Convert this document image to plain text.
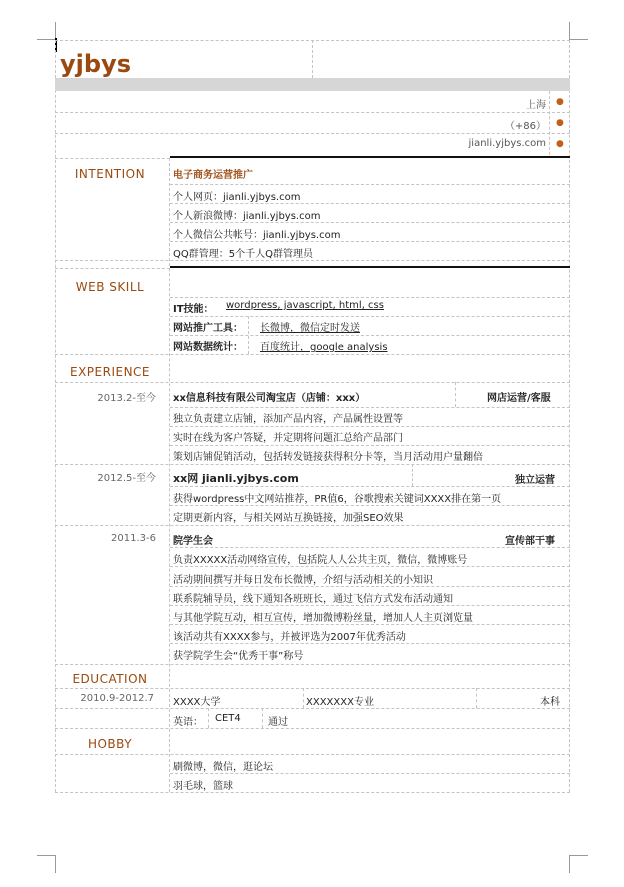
yjbys
上海 ●
（+86） ●
jianli.yjbys.com ●
INTENTION	电子商务运营推广
个人网页：jianli.yjbys.com
个人新浪微博：jianli.yjbys.com
个人微信公共帐号：jianli.yjbys.com
QQ群管理：5个千人Q群管理员
WEB SKILL
IT技能： wordpress, javascript, html, css
网站推广工具： 长微博，微信定时发送
网站数据统计： 百度统计，google analysis
EXPERIENCE
2013.2-至今 xx信息科技有限公司淘宝店（店铺：xxx）	网店运营/客服
独立负责建立店铺，添加产品内容，产品属性设置等
实时在线为客户答疑，并定期将问题汇总给产品部门
策划店铺促销活动，包括转发链接获得积分卡等，当月活动用户量翻倍
2012.5-至今 xx网 jianli.yjbys.com	独立运营
获得wordpress中文网站推荐，PR值6，谷歌搜索关键词XXXX排在第一页
定期更新内容，与相关网站互换链接，加强SEO效果
2011.3-6 院学生会	宣传部干事
负责XXXXX活动网络宣传，包括院人人公共主页，微信，微博账号
活动期间撰写并每日发布长微博，介绍与活动相关的小知识
联系院辅导员，线下通知各班班长，通过飞信方式发布活动通知
与其他学院互动，相互宣传，增加微博粉丝量，增加人人主页浏览量
该活动共有XXXX参与，并被评选为2007年优秀活动
获学院学生会“优秀干事”称号
EDUCATION
2010.9-2012.7 XXXX大学	XXXXXXX专业	本科
英语： CET4	通过
HOBBY
刷微博，微信，逛论坛
羽毛球，篮球
